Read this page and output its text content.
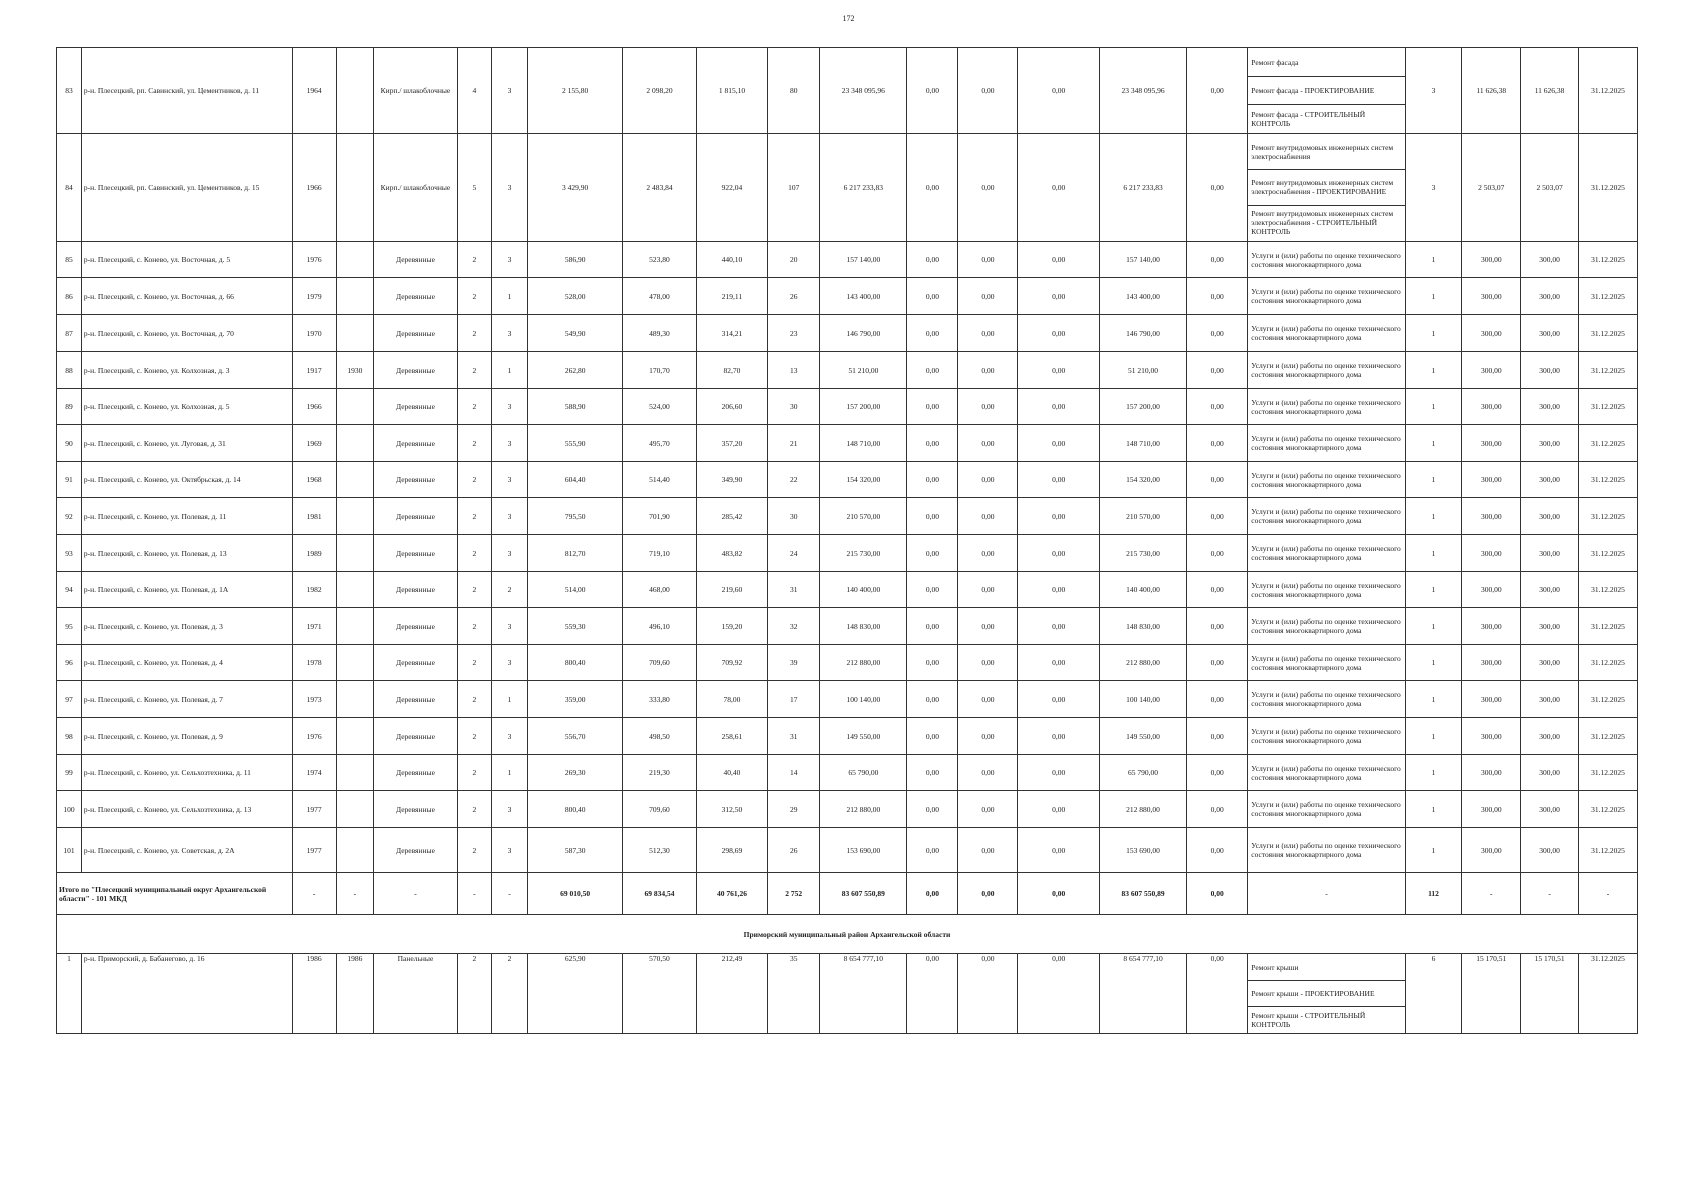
172
83	р-н. Плесецкий, рп. Савинский, ул. Цементников, д. 11	1964		Кирп./ шлакоблочные	4	3	2 155,80	2 098,20	1 815,10	80	23 348 095,96	0,00	0,00	0,00	23 348 095,96	0,00	Ремонт фасада
Ремонт фасада - ПРОЕКТИРОВАНИЕ
Ремонт фасада - СТРОИТЕЛЬНЫЙ КОНТРОЛЬ	3	11 626,38	11 626,38	31.12.2025
84	р-н. Плесецкий, рп. Савинский, ул. Цементников, д. 15	1966		Кирп./ шлакоблочные	5	3	3 429,90	2 483,84	922,04	107	6 217 233,83	0,00	0,00	0,00	6 217 233,83	0,00	Ремонт внутридомовых инженерных систем электроснабжения
Ремонт внутридомовых инженерных систем электроснабжения - ПРОЕКТИРОВАНИЕ
Ремонт внутридомовых инженерных систем электроснабжения - СТРОИТЕЛЬНЫЙ КОНТРОЛЬ	3	2 503,07	2 503,07	31.12.2025
85	р-н. Плесецкий, с. Конево, ул. Восточная, д. 5	1976		Деревянные	2	3	586,90	523,80	440,10	20	157 140,00	0,00	0,00	0,00	157 140,00	0,00	Услуги и (или) работы по оценке технического состояния многоквартирного дома	1	300,00	300,00	31.12.2025
86	р-н. Плесецкий, с. Конево, ул. Восточная, д. 66	1979		Деревянные	2	1	528,00	478,00	219,11	26	143 400,00	0,00	0,00	0,00	143 400,00	0,00	Услуги и (или) работы по оценке технического состояния многоквартирного дома	1	300,00	300,00	31.12.2025
87	р-н. Плесецкий, с. Конево, ул. Восточная, д. 70	1970		Деревянные	2	3	549,90	489,30	314,21	23	146 790,00	0,00	0,00	0,00	146 790,00	0,00	Услуги и (или) работы по оценке технического состояния многоквартирного дома	1	300,00	300,00	31.12.2025
88	р-н. Плесецкий, с. Конево, ул. Колхозная, д. 3	1917	1930	Деревянные	2	1	262,80	170,70	82,70	13	51 210,00	0,00	0,00	0,00	51 210,00	0,00	Услуги и (или) работы по оценке технического состояния многоквартирного дома	1	300,00	300,00	31.12.2025
89	р-н. Плесецкий, с. Конево, ул. Колхозная, д. 5	1966		Деревянные	2	3	588,90	524,00	206,60	30	157 200,00	0,00	0,00	0,00	157 200,00	0,00	Услуги и (или) работы по оценке технического состояния многоквартирного дома	1	300,00	300,00	31.12.2025
90	р-н. Плесецкий, с. Конево, ул. Луговая, д. 31	1969		Деревянные	2	3	555,90	495,70	357,20	21	148 710,00	0,00	0,00	0,00	148 710,00	0,00	Услуги и (или) работы по оценке технического состояния многоквартирного дома	1	300,00	300,00	31.12.2025
91	р-н. Плесецкий, с. Конево, ул. Октябрьская, д. 14	1968		Деревянные	2	3	604,40	514,40	349,90	22	154 320,00	0,00	0,00	0,00	154 320,00	0,00	Услуги и (или) работы по оценке технического состояния многоквартирного дома	1	300,00	300,00	31.12.2025
92	р-н. Плесецкий, с. Конево, ул. Полевая, д. 11	1981		Деревянные	2	3	795,50	701,90	285,42	30	210 570,00	0,00	0,00	0,00	210 570,00	0,00	Услуги и (или) работы по оценке технического состояния многоквартирного дома	1	300,00	300,00	31.12.2025
93	р-н. Плесецкий, с. Конево, ул. Полевая, д. 13	1989		Деревянные	2	3	812,70	719,10	483,82	24	215 730,00	0,00	0,00	0,00	215 730,00	0,00	Услуги и (или) работы по оценке технического состояния многоквартирного дома	1	300,00	300,00	31.12.2025
94	р-н. Плесецкий, с. Конево, ул. Полевая, д. 1А	1982		Деревянные	2	2	514,00	468,00	219,60	31	140 400,00	0,00	0,00	0,00	140 400,00	0,00	Услуги и (или) работы по оценке технического состояния многоквартирного дома	1	300,00	300,00	31.12.2025
95	р-н. Плесецкий, с. Конево, ул. Полевая, д. 3	1971		Деревянные	2	3	559,30	496,10	159,20	32	148 830,00	0,00	0,00	0,00	148 830,00	0,00	Услуги и (или) работы по оценке технического состояния многоквартирного дома	1	300,00	300,00	31.12.2025
96	р-н. Плесецкий, с. Конево, ул. Полевая, д. 4	1978		Деревянные	2	3	800,40	709,60	709,92	39	212 880,00	0,00	0,00	0,00	212 880,00	0,00	Услуги и (или) работы по оценке технического состояния многоквартирного дома	1	300,00	300,00	31.12.2025
97	р-н. Плесецкий, с. Конево, ул. Полевая, д. 7	1973		Деревянные	2	1	359,00	333,80	78,00	17	100 140,00	0,00	0,00	0,00	100 140,00	0,00	Услуги и (или) работы по оценке технического состояния многоквартирного дома	1	300,00	300,00	31.12.2025
98	р-н. Плесецкий, с. Конево, ул. Полевая, д. 9	1976		Деревянные	2	3	556,70	498,50	258,61	31	149 550,00	0,00	0,00	0,00	149 550,00	0,00	Услуги и (или) работы по оценке технического состояния многоквартирного дома	1	300,00	300,00	31.12.2025
99	р-н. Плесецкий, с. Конево, ул. Сельхозтехника, д. 11	1974		Деревянные	2	1	269,30	219,30	40,40	14	65 790,00	0,00	0,00	0,00	65 790,00	0,00	Услуги и (или) работы по оценке технического состояния многоквартирного дома	1	300,00	300,00	31.12.2025
100	р-н. Плесецкий, с. Конево, ул. Сельхозтехника, д. 13	1977		Деревянные	2	3	800,40	709,60	312,50	29	212 880,00	0,00	0,00	0,00	212 880,00	0,00	Услуги и (или) работы по оценке технического состояния многоквартирного дома	1	300,00	300,00	31.12.2025
101	р-н. Плесецкий, с. Конево, ул. Советская, д. 2А	1977		Деревянные	2	3	587,30	512,30	298,69	26	153 690,00	0,00	0,00	0,00	153 690,00	0,00	Услуги и (или) работы по оценке технического состояния многоквартирного дома	1	300,00	300,00	31.12.2025
Итого по "Плесецкий муниципальный округ Архангельской области" - 101 МКД		-	-	-	-	-	69 010,50	69 834,54	40 761,26	2 752	83 607 550,89	0,00	0,00	0,00	83 607 550,89	0,00	-	112	-	-	-
Приморский муниципальный район Архангельской области																					
1	р-н. Приморский, д. Бабанегово, д. 16	1986	1986	Панельные	2	2	625,90	570,50	212,49	35	8 654 777,10	0,00	0,00	0,00	8 654 777,10	0,00	Ремонт крыши
Ремонт крыши - ПРОЕКТИРОВАНИЕ
Ремонт крыши - СТРОИТЕЛЬНЫЙ КОНТРОЛЬ	6	15 170,51	15 170,51	31.12.2025
